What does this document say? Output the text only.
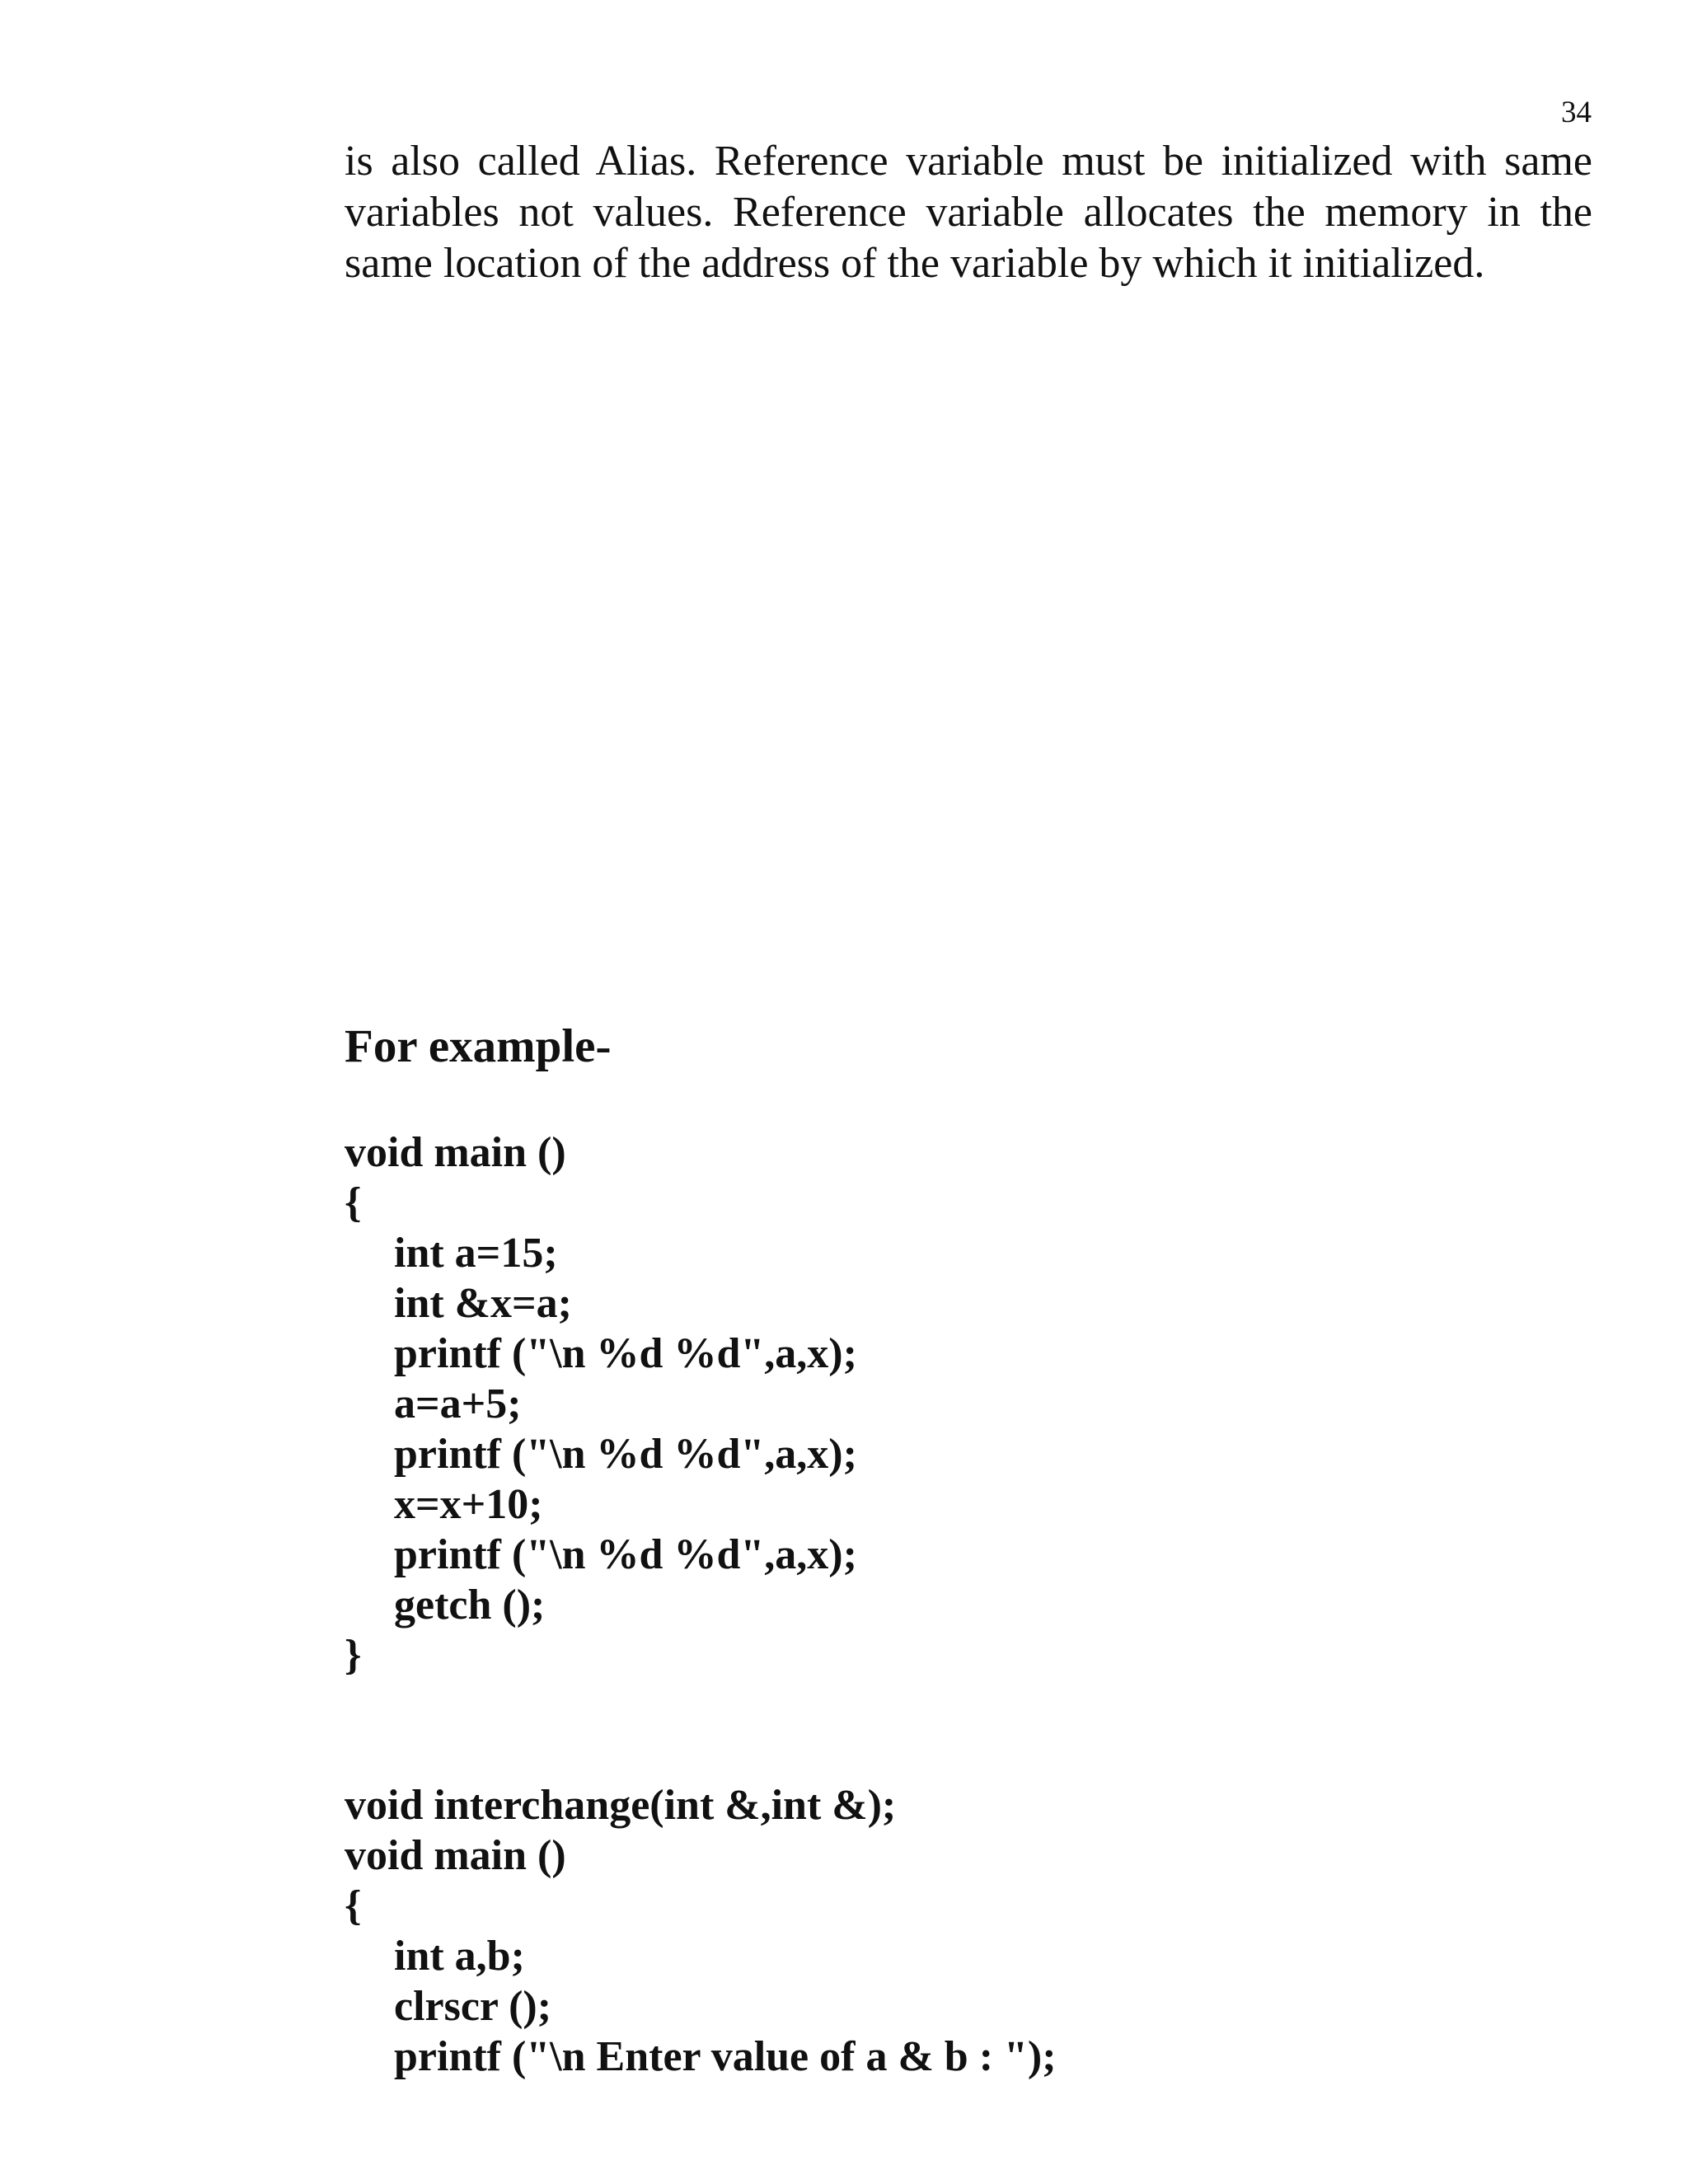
34

is also called Alias. Reference variable must be initialized with same variables not values. Reference variable allocates the memory in the same location of the address of the variable by which it initialized.

For example-
void main ()
{
int a=15;
int &x=a;
printf ("\n %d %d",a,x);
a=a+5;
printf ("\n %d %d",a,x);
x=x+10;
printf ("\n %d %d",a,x);
getch ();
}
void interchange(int &,int &);
void main ()
{
int a,b;
clrscr ();
printf ("\n Enter value of a & b : ");
